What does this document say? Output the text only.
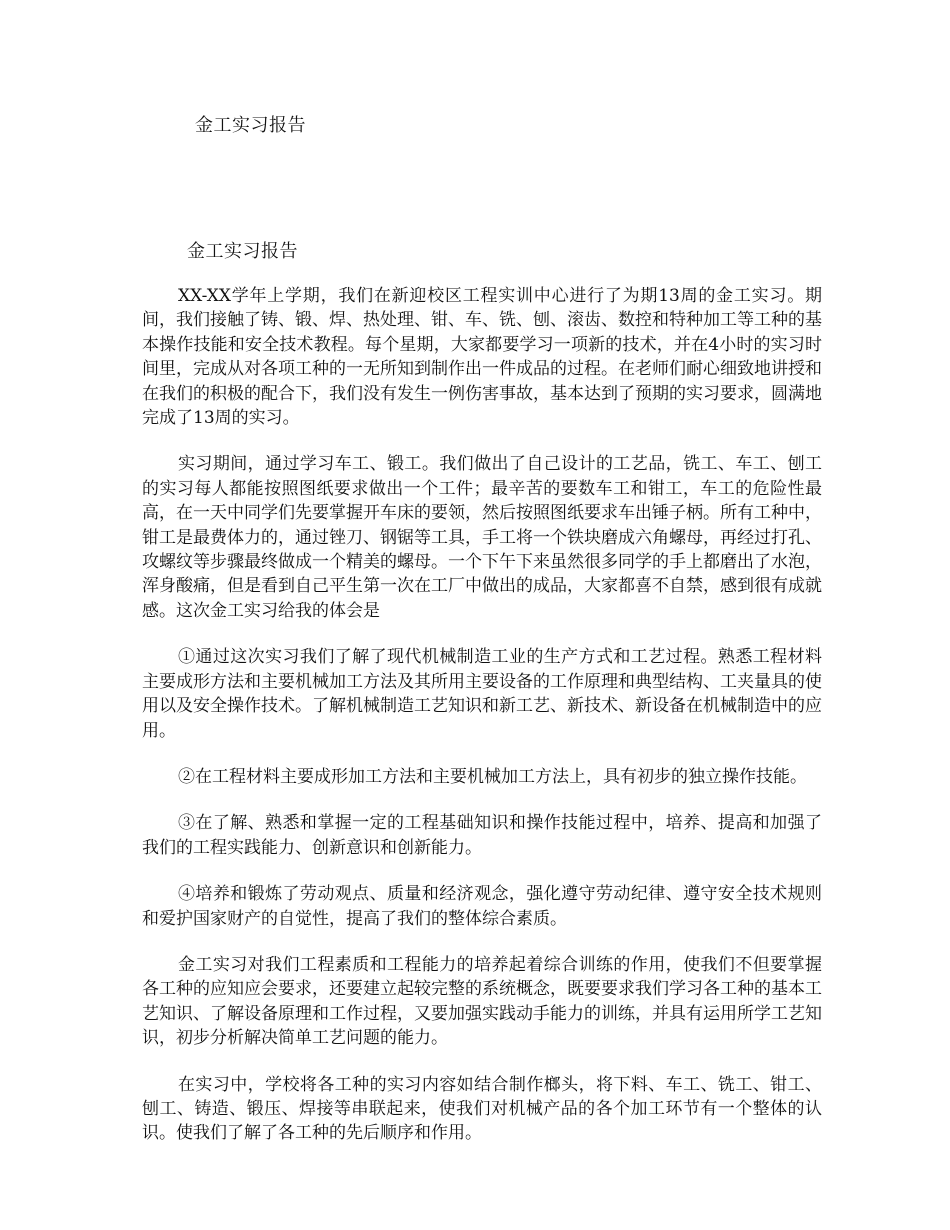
金工实习报告
金工实习报告

XX-XX学年上学期，我们在新迎校区工程实训中心进行了为期13周的金工实习。期间，我们接触了铸、锻、焊、热处理、钳、车、铣、刨、滚齿、数控和特种加工等工种的基本操作技能和安全技术教程。每个星期，大家都要学习一项新的技术，并在4小时的实习时间里，完成从对各项工种的一无所知到制作出一件成品的过程。在老师们耐心细致地讲授和在我们的积极的配合下，我们没有发生一例伤害事故，基本达到了预期的实习要求，圆满地完成了13周的实习。

实习期间，通过学习车工、锻工。我们做出了自己设计的工艺品，铣工、车工、刨工的实习每人都能按照图纸要求做出一个工件；最辛苦的要数车工和钳工，车工的危险性最高，在一天中同学们先要掌握开车床的要领，然后按照图纸要求车出锤子柄。所有工种中，钳工是最费体力的，通过锉刀、钢锯等工具，手工将一个铁块磨成六角螺母，再经过打孔、攻螺纹等步骤最终做成一个精美的螺母。一个下午下来虽然很多同学的手上都磨出了水泡，浑身酸痛，但是看到自己平生第一次在工厂中做出的成品，大家都喜不自禁，感到很有成就感。这次金工实习给我的体会是

①通过这次实习我们了解了现代机械制造工业的生产方式和工艺过程。熟悉工程材料主要成形方法和主要机械加工方法及其所用主要设备的工作原理和典型结构、工夹量具的使用以及安全操作技术。了解机械制造工艺知识和新工艺、新技术、新设备在机械制造中的应用。

②在工程材料主要成形加工方法和主要机械加工方法上，具有初步的独立操作技能。

③在了解、熟悉和掌握一定的工程基础知识和操作技能过程中，培养、提高和加强了我们的工程实践能力、创新意识和创新能力。

④培养和锻炼了劳动观点、质量和经济观念，强化遵守劳动纪律、遵守安全技术规则和爱护国家财产的自觉性，提高了我们的整体综合素质。

金工实习对我们工程素质和工程能力的培养起着综合训练的作用，使我们不但要掌握各工种的应知应会要求，还要建立起较完整的系统概念，既要要求我们学习各工种的基本工艺知识、了解设备原理和工作过程，又要加强实践动手能力的训练，并具有运用所学工艺知识，初步分析解决简单工艺问题的能力。

在实习中，学校将各工种的实习内容如结合制作榔头，将下料、车工、铣工、钳工、刨工、铸造、锻压、焊接等串联起来，使我们对机械产品的各个加工环节有一个整体的认识。使我们了解了各工种的先后顺序和作用。
